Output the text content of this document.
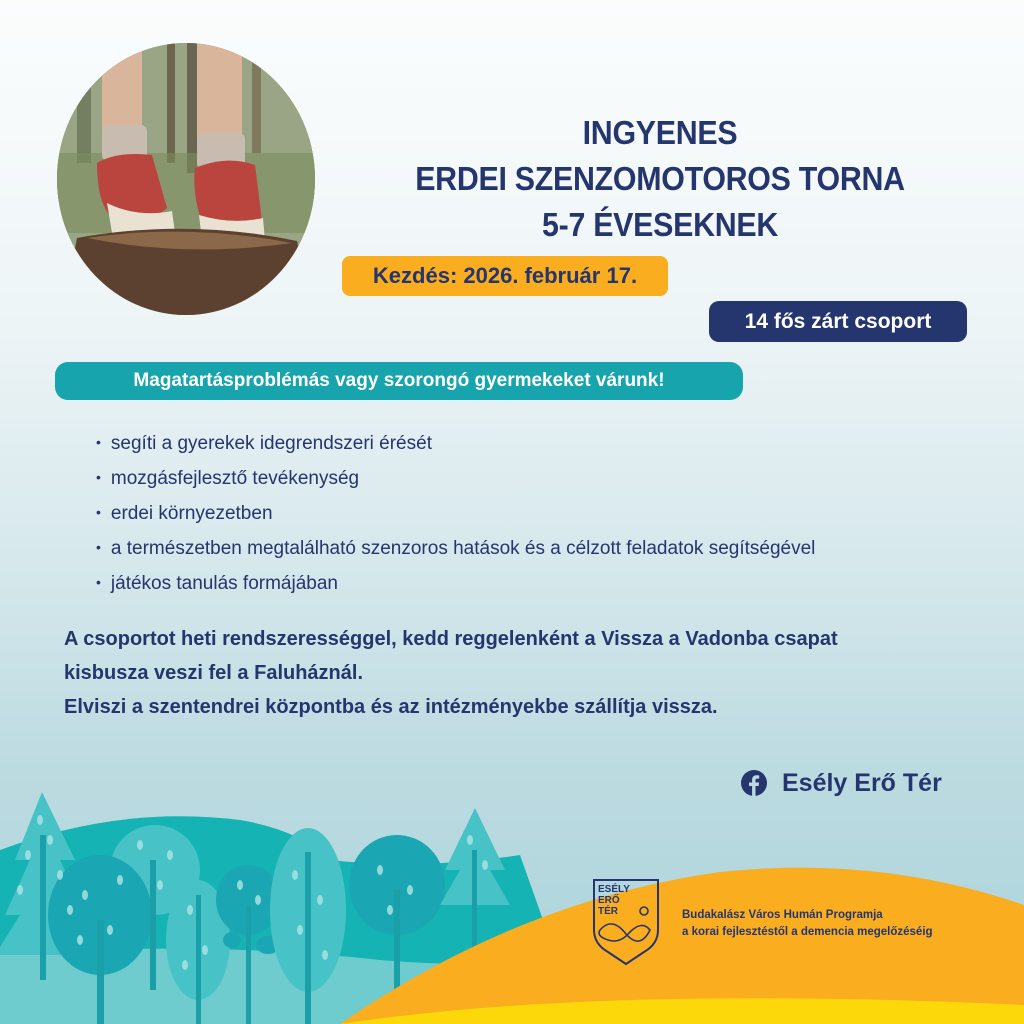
INGYENES
ERDEI SZENZOMOTOROS TORNA
5-7 ÉVESEKNEK
Kezdés: 2026. február 17.
14 fős zárt csoport
Magatartásproblémás vagy szorongó gyermekeket várunk!
• segíti a gyerekek idegrendszeri érését
• mozgásfejlesztő tevékenység
• erdei környezetben
• a természetben megtalálható szenzoros hatások és a célzott feladatok segítségével
• játékos tanulás formájában
A csoportot heti rendszerességgel, kedd reggelenként a Vissza a Vadonba csapat
kisbusza veszi fel a Faluháznál.
Elviszi a szentendrei központba és az intézményekbe szállítja vissza.
Esély Erő Tér
ESÉLY
ERŐ
TÉR	Budakalász Város Humán Programja
a korai fejlesztéstől a demencia megelőzéséig
